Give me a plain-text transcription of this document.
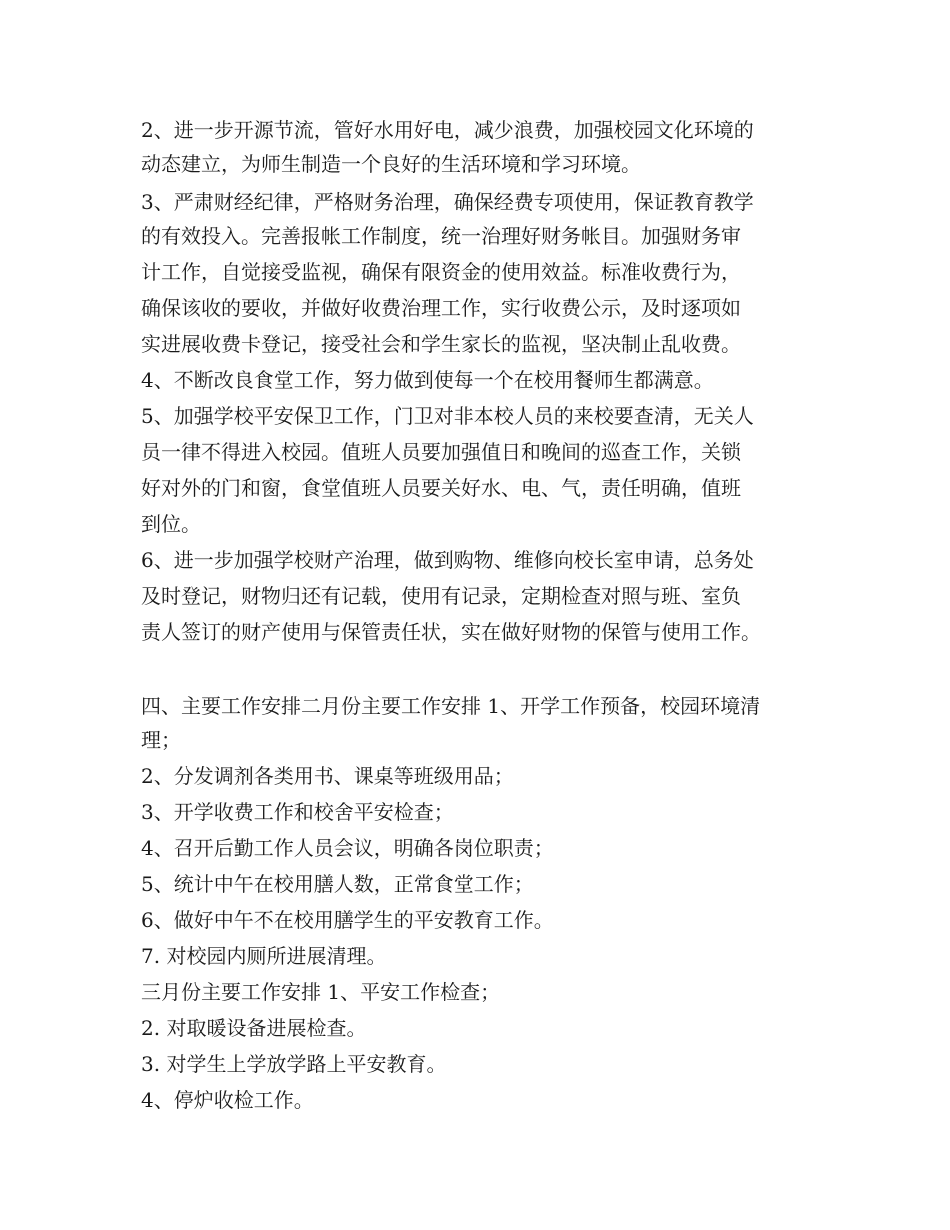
2、进一步开源节流，管好水用好电，减少浪费，加强校园文化环境的
动态建立，为师生制造一个良好的生活环境和学习环境。
3、严肃财经纪律，严格财务治理，确保经费专项使用，保证教育教学
的有效投入。完善报帐工作制度，统一治理好财务帐目。加强财务审
计工作，自觉接受监视，确保有限资金的使用效益。标准收费行为，
确保该收的要收，并做好收费治理工作，实行收费公示，及时逐项如
实进展收费卡登记，接受社会和学生家长的监视，坚决制止乱收费。
4、不断改良食堂工作，努力做到使每一个在校用餐师生都满意。
5、加强学校平安保卫工作，门卫对非本校人员的来校要查清，无关人
员一律不得进入校园。值班人员要加强值日和晚间的巡查工作，关锁
好对外的门和窗，食堂值班人员要关好水、电、气，责任明确，值班
到位。
6、进一步加强学校财产治理，做到购物、维修向校长室申请，总务处
及时登记，财物归还有记载，使用有记录，定期检查对照与班、室负
责人签订的财产使用与保管责任状，实在做好财物的保管与使用工作。
四、主要工作安排二月份主要工作安排 1、开学工作预备，校园环境清
理；
2、分发调剂各类用书、课桌等班级用品；
3、开学收费工作和校舍平安检查；
4、召开后勤工作人员会议，明确各岗位职责；
5、统计中午在校用膳人数，正常食堂工作；
6、做好中午不在校用膳学生的平安教育工作。
7. 对校园内厕所进展清理。
三月份主要工作安排 1、平安工作检查；
2. 对取暖设备进展检查。
3. 对学生上学放学路上平安教育。
4、停炉收检工作。
